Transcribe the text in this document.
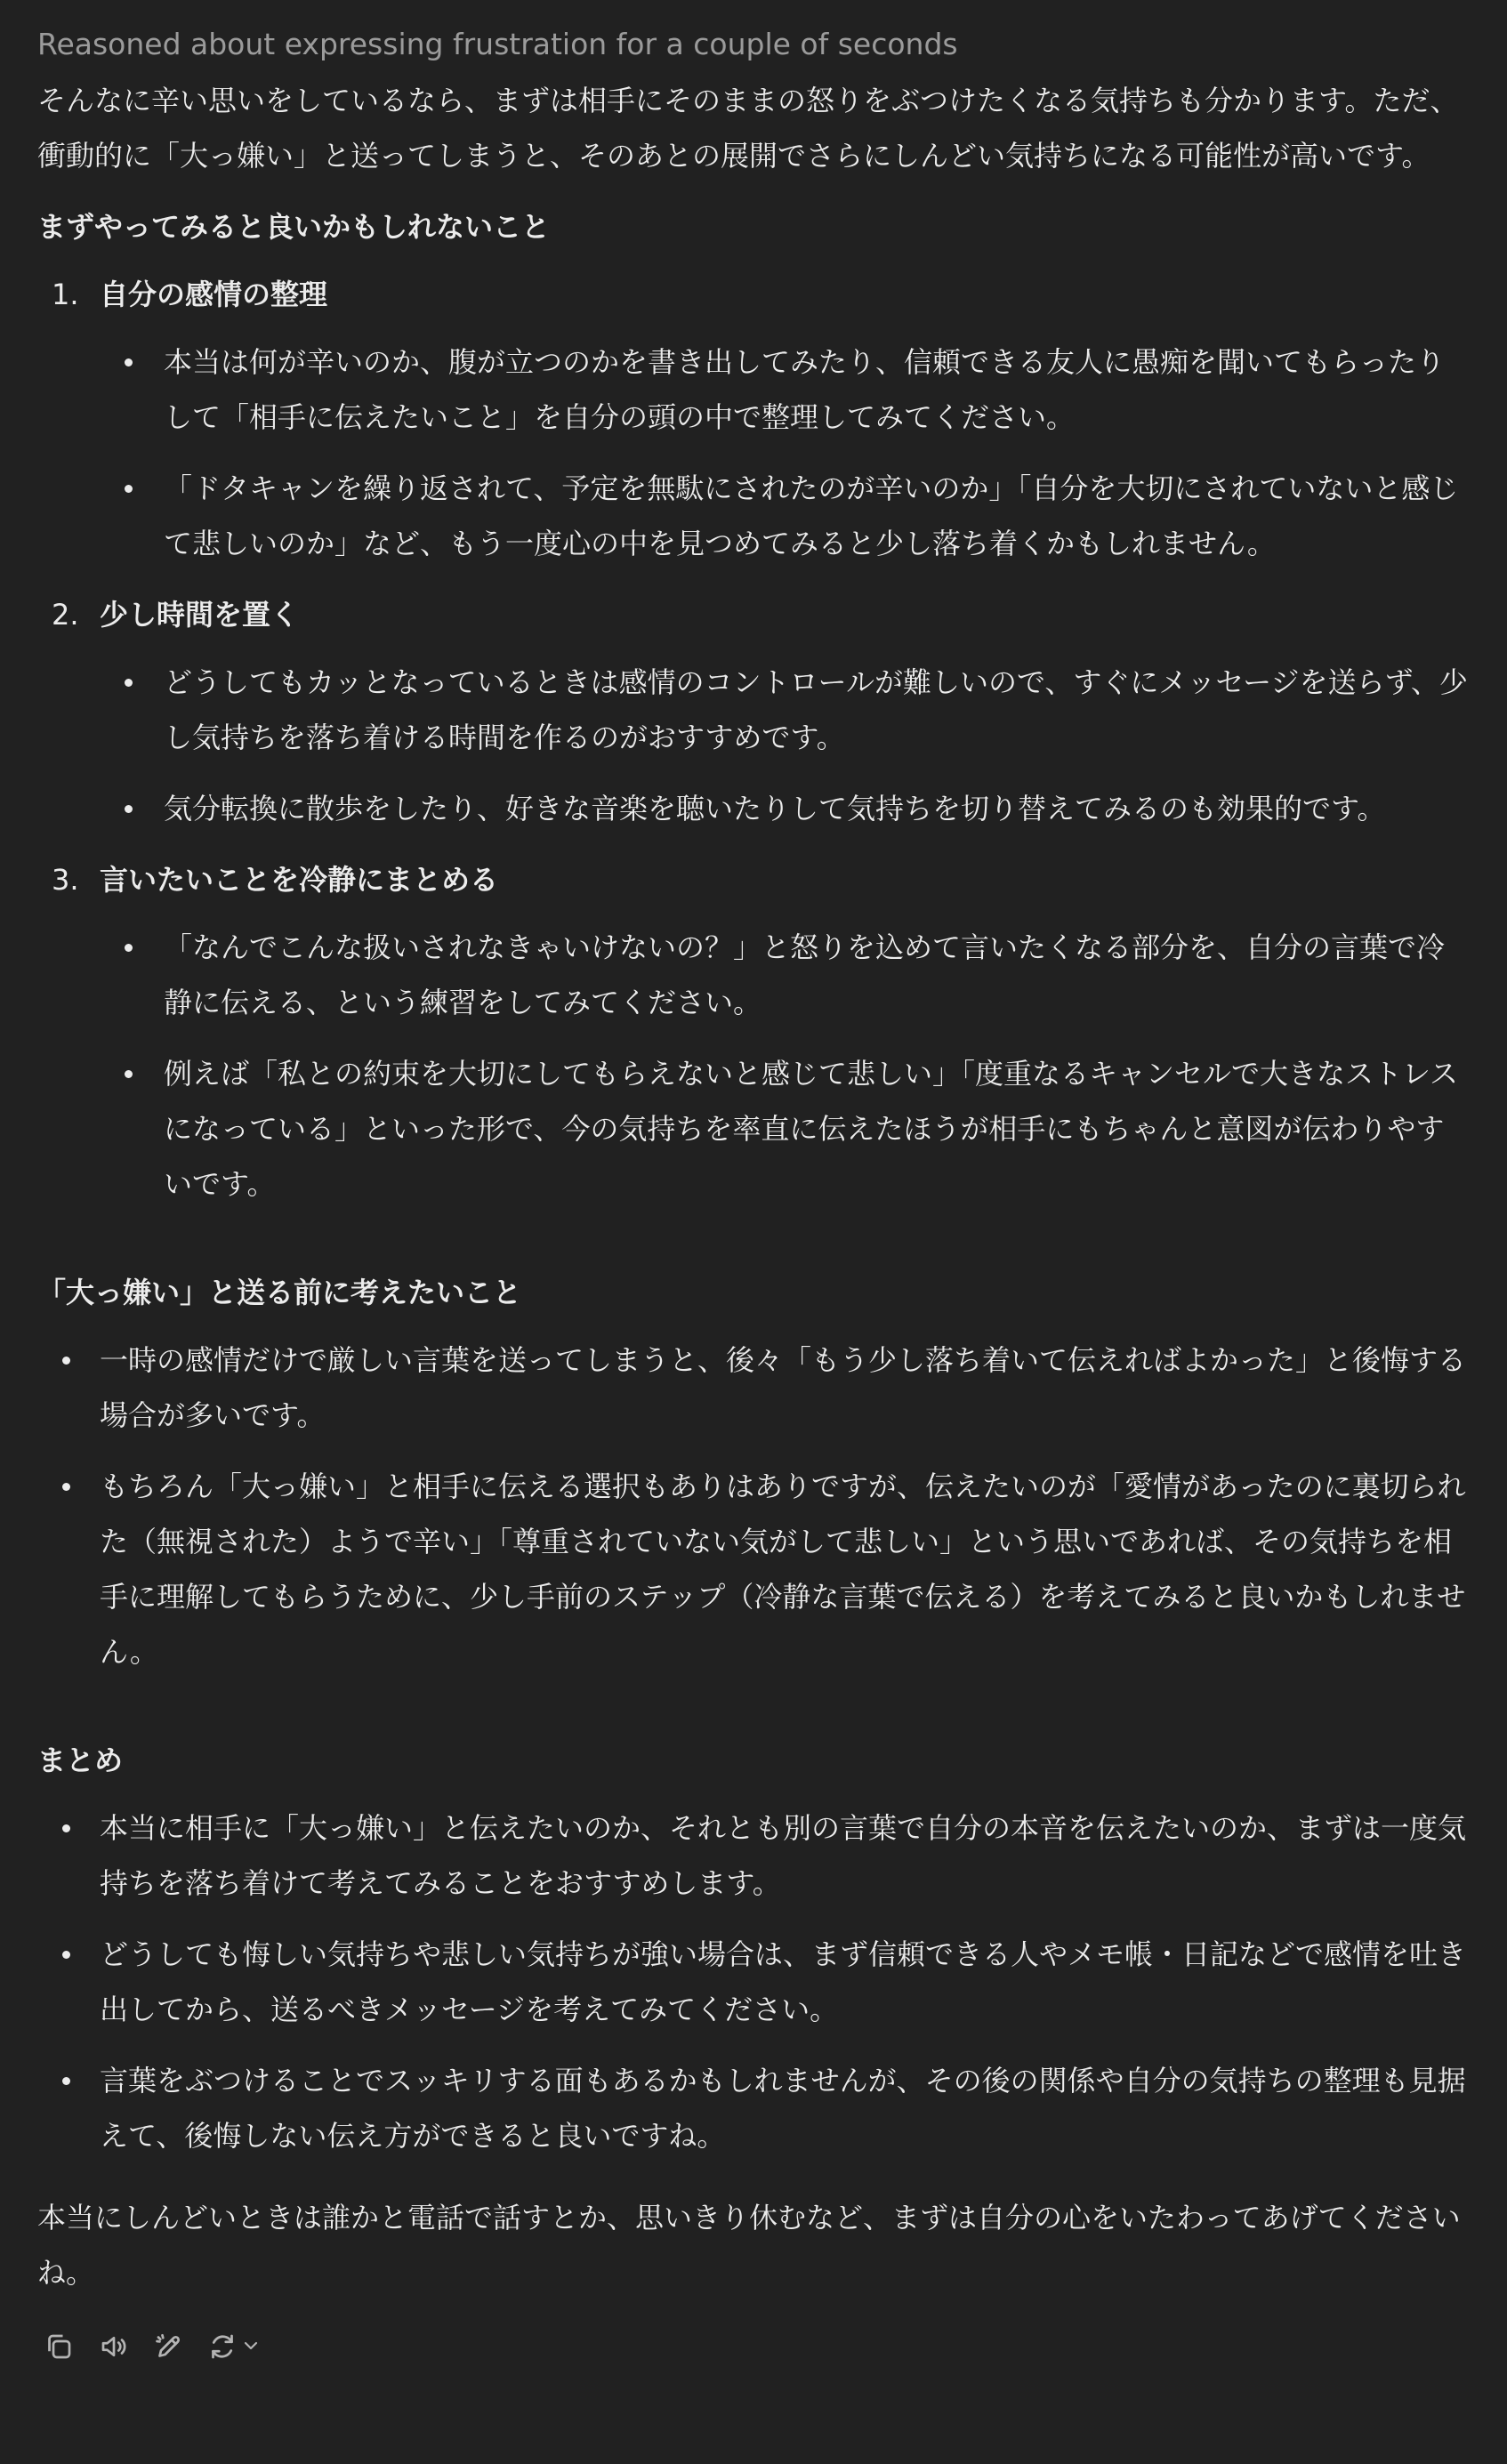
Reasoned about expressing frustration for a couple of seconds

そんなに辛い思いをしているなら、まずは相手にそのままの怒りをぶつけたくなる気持ちも分かります。ただ、衝動的に「大っ嫌い」と送ってしまうと、そのあとの展開でさらにしんどい気持ちになる可能性が高いです。

まずやってみると良いかもしれないこと
1. 自分の感情の整理
本当は何が辛いのか、腹が立つのかを書き出してみたり、信頼できる友人に愚痴を聞いてもらったりして「相手に伝えたいこと」を自分の頭の中で整理してみてください。
「ドタキャンを繰り返されて、予定を無駄にされたのが辛いのか」「自分を大切にされていないと感じて悲しいのか」など、もう一度心の中を見つめてみると少し落ち着くかもしれません。
2. 少し時間を置く
どうしてもカッとなっているときは感情のコントロールが難しいので、すぐにメッセージを送らず、少し気持ちを落ち着ける時間を作るのがおすすめです。
気分転換に散歩をしたり、好きな音楽を聴いたりして気持ちを切り替えてみるのも効果的です。
3. 言いたいことを冷静にまとめる
「なんでこんな扱いされなきゃいけないの？」と怒りを込めて言いたくなる部分を、自分の言葉で冷静に伝える、という練習をしてみてください。
例えば「私との約束を大切にしてもらえないと感じて悲しい」「度重なるキャンセルで大きなストレスになっている」といった形で、今の気持ちを率直に伝えたほうが相手にもちゃんと意図が伝わりやすいです。
「大っ嫌い」と送る前に考えたいこと
一時の感情だけで厳しい言葉を送ってしまうと、後々「もう少し落ち着いて伝えればよかった」と後悔する場合が多いです。
もちろん「大っ嫌い」と相手に伝える選択もありはありですが、伝えたいのが「愛情があったのに裏切られた（無視された）ようで辛い」「尊重されていない気がして悲しい」という思いであれば、その気持ちを相手に理解してもらうために、少し手前のステップ（冷静な言葉で伝える）を考えてみると良いかもしれません。
まとめ
本当に相手に「大っ嫌い」と伝えたいのか、それとも別の言葉で自分の本音を伝えたいのか、まずは一度気持ちを落ち着けて考えてみることをおすすめします。
どうしても悔しい気持ちや悲しい気持ちが強い場合は、まず信頼できる人やメモ帳・日記などで感情を吐き出してから、送るべきメッセージを考えてみてください。
言葉をぶつけることでスッキリする面もあるかもしれませんが、その後の関係や自分の気持ちの整理も見据えて、後悔しない伝え方ができると良いですね。

本当にしんどいときは誰かと電話で話すとか、思いきり休むなど、まずは自分の心をいたわってあげてくださいね。
